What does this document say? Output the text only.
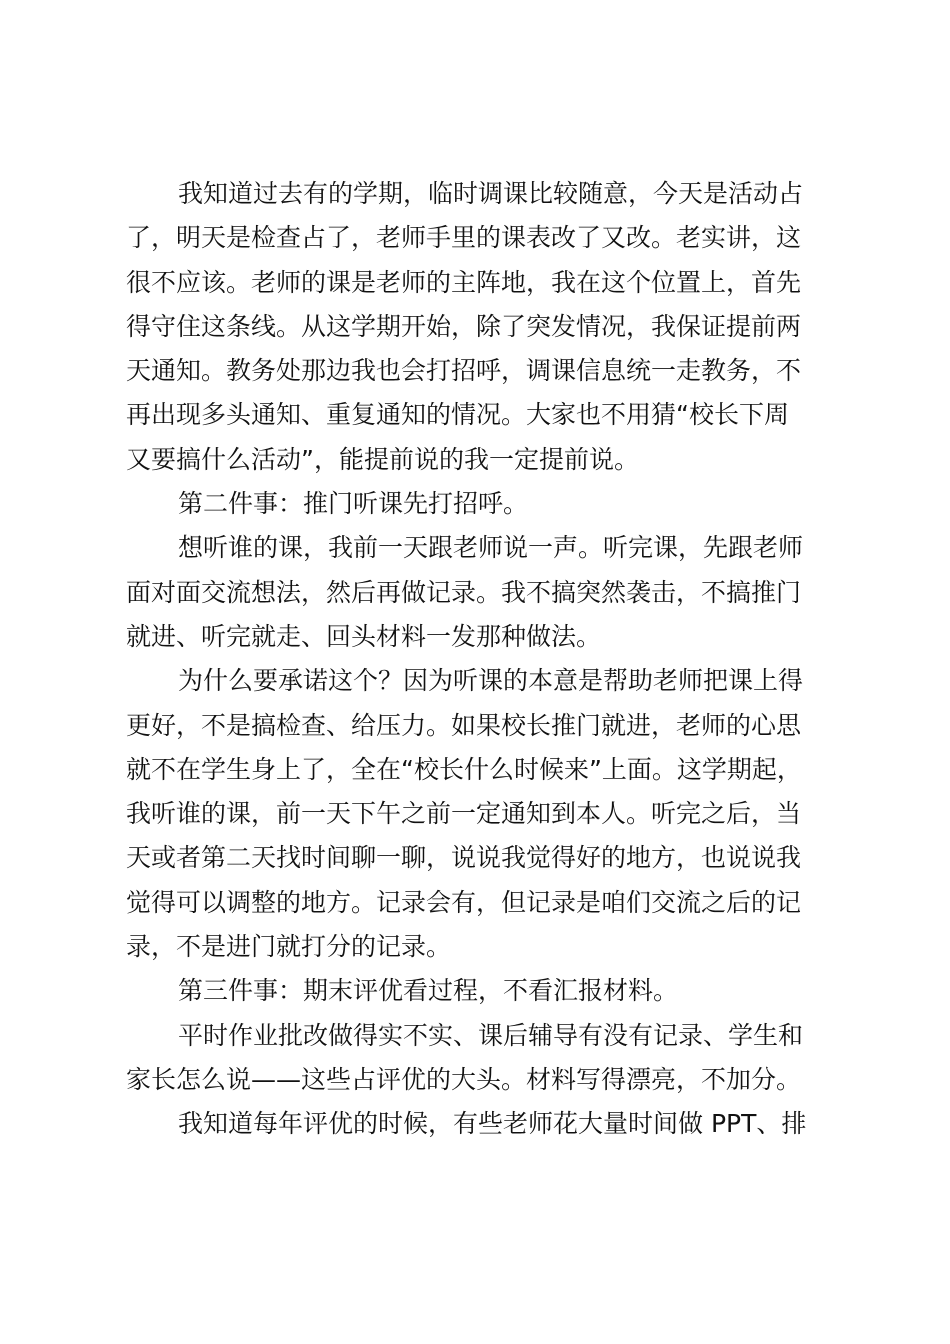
我知道过去有的学期，临时调课比较随意，今天是活动占
了，明天是检查占了，老师手里的课表改了又改。老实讲，这
很不应该。老师的课是老师的主阵地，我在这个位置上，首先
得守住这条线。从这学期开始，除了突发情况，我保证提前两
天通知。教务处那边我也会打招呼，调课信息统一走教务，不
再出现多头通知、重复通知的情况。大家也不用猜“校长下周
又要搞什么活动”，能提前说的我一定提前说。
第二件事：推门听课先打招呼。
想听谁的课，我前一天跟老师说一声。听完课，先跟老师
面对面交流想法，然后再做记录。我不搞突然袭击，不搞推门
就进、听完就走、回头材料一发那种做法。
为什么要承诺这个？因为听课的本意是帮助老师把课上得
更好，不是搞检查、给压力。如果校长推门就进，老师的心思
就不在学生身上了，全在“校长什么时候来”上面。这学期起，
我听谁的课，前一天下午之前一定通知到本人。听完之后，当
天或者第二天找时间聊一聊，说说我觉得好的地方，也说说我
觉得可以调整的地方。记录会有，但记录是咱们交流之后的记
录，不是进门就打分的记录。
第三件事：期末评优看过程，不看汇报材料。
平时作业批改做得实不实、课后辅导有没有记录、学生和
家长怎么说——这些占评优的大头。材料写得漂亮，不加分。
我知道每年评优的时候，有些老师花大量时间做 PPT、排
